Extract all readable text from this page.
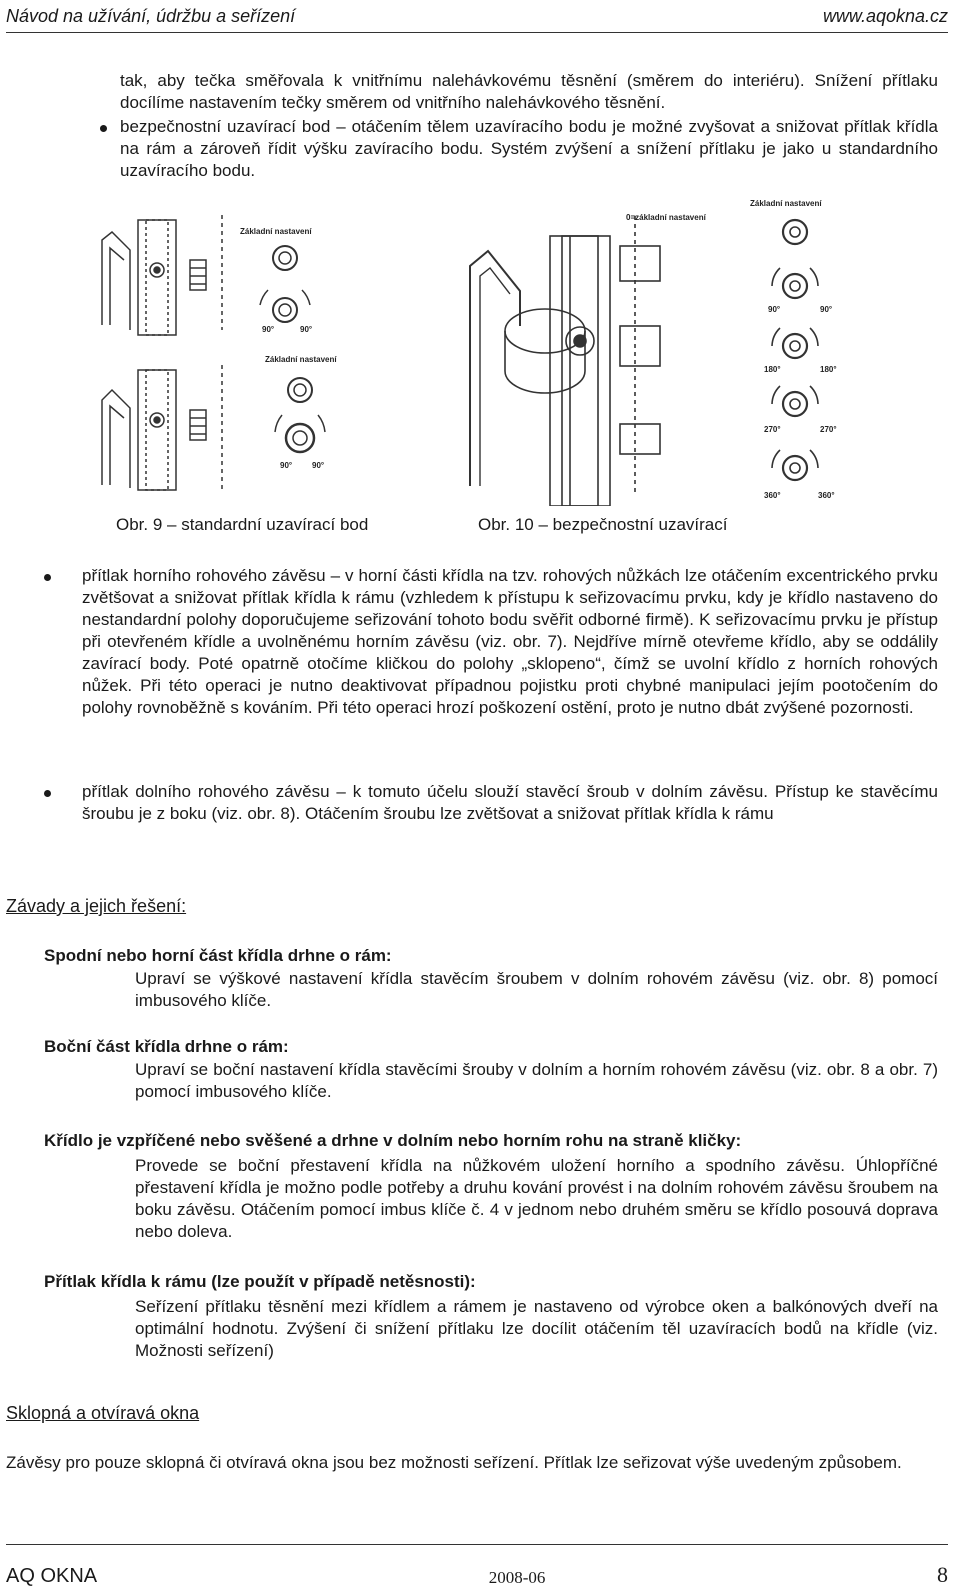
Návod na užívání, údržbu a seřízení	www.aqokna.cz

tak, aby tečka směřovala k vnitřnímu nalehávkovému těsnění (směrem do interiéru). Snížení přítlaku docílíme nastavením tečky směrem od vnitřního nalehávkového těsnění.

bezpečnostní uzavírací bod – otáčením tělem uzavíracího bodu je možné zvyšovat a snižovat přítlak křídla na rám a zároveň řídit výšku zavíracího bodu. Systém zvýšení a snížení přítlaku je jako u standardního uzavíracího bodu.

Základní nastavení
90°	90°
Základní nastavení
90° 90°
Obr. 9 – standardní uzavírací bod
0=základní nastavení
Základní nastavení
90°	90°
180°	180°
270°	270°
360°	360°
Obr. 10 – bezpečnostní uzavírací

přítlak horního rohového závěsu – v horní části křídla na tzv. rohových nůžkách lze otáčením excentrického prvku zvětšovat a snižovat přítlak křídla k rámu (vzhledem k přístupu k seřizovacímu prvku, kdy je křídlo nastaveno do nestandardní polohy doporučujeme seřizování tohoto bodu svěřit odborné firmě). K seřizovacímu prvku je přístup při otevřeném křídle a uvolněnému horním závěsu (viz. obr. 7). Nejdříve mírně otevřeme křídlo, aby se oddálily zavírací body. Poté opatrně otočíme kličkou do polohy „sklopeno“, čímž se uvolní křídlo z horních rohových nůžek. Při této operaci je nutno deaktivovat případnou pojistku proti chybné manipulaci jejím pootočením do polohy rovnoběžně s kováním. Při této operaci hrozí poškození ostění, proto je nutno dbát zvýšené pozornosti.

přítlak dolního rohového závěsu – k tomuto účelu slouží stavěcí šroub v dolním závěsu. Přístup ke stavěcímu šroubu je z boku (viz. obr. 8). Otáčením šroubu lze zvětšovat a snižovat přítlak křídla k rámu

Závady a jejich řešení:
Spodní nebo horní část křídla drhne o rám:

Upraví se výškové nastavení křídla stavěcím šroubem v dolním rohovém závěsu (viz. obr. 8) pomocí imbusového klíče.

Boční část křídla drhne o rám:

Upraví se boční nastavení křídla stavěcími šrouby v dolním a horním rohovém závěsu (viz. obr. 8 a obr. 7) pomocí imbusového klíče.

Křídlo je vzpříčené nebo svěšené a drhne v dolním nebo horním rohu na straně kličky:

Provede se boční přestavení křídla na nůžkovém uložení horního a spodního závěsu. Úhlopříčné přestavení křídla je možno podle potřeby a druhu kování provést i na dolním rohovém závěsu šroubem na boku závěsu. Otáčením pomocí imbus klíče č. 4 v jednom nebo druhém směru se křídlo posouvá doprava nebo doleva.

Přítlak křídla k rámu (lze použít v případě netěsnosti):

Seřízení přítlaku těsnění mezi křídlem a rámem je nastaveno od výrobce oken a balkónových dveří na optimální hodnotu. Zvýšení či snížení přítlaku lze docílit otáčením těl uzavíracích bodů na křídle (viz. Možnosti seřízení)

Sklopná a otvíravá okna

Závěsy pro pouze sklopná či otvíravá okna jsou bez možnosti seřízení. Přítlak lze seřizovat výše uvedeným způsobem.

AQ OKNA	2008-06	8
